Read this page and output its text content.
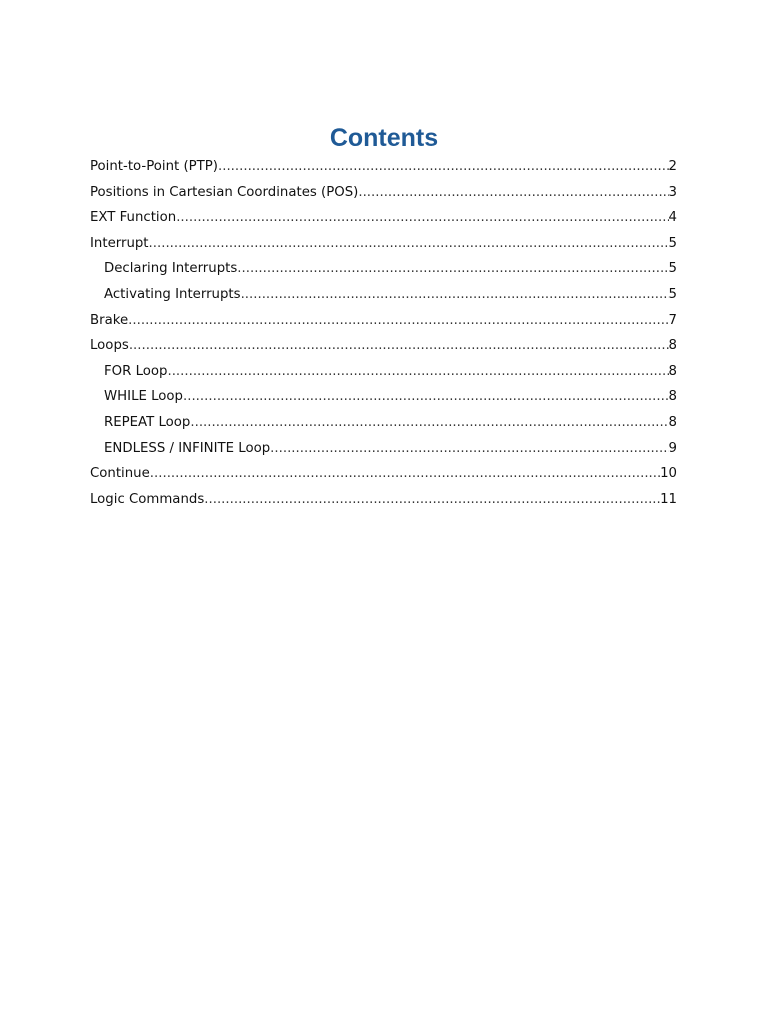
Contents
Point-to-Point (PTP) .....	2
Positions in Cartesian Coordinates (POS) .....	3
EXT Function .....	4
Interrupt .....	5
Declaring Interrupts .....	5
Activating Interrupts .....	5
Brake .....	7
Loops .....	8
FOR Loop .....	8
WHILE Loop .....	8
REPEAT Loop .....	8
ENDLESS / INFINITE Loop .....	9
Continue .....	10
Logic Commands .....	11
